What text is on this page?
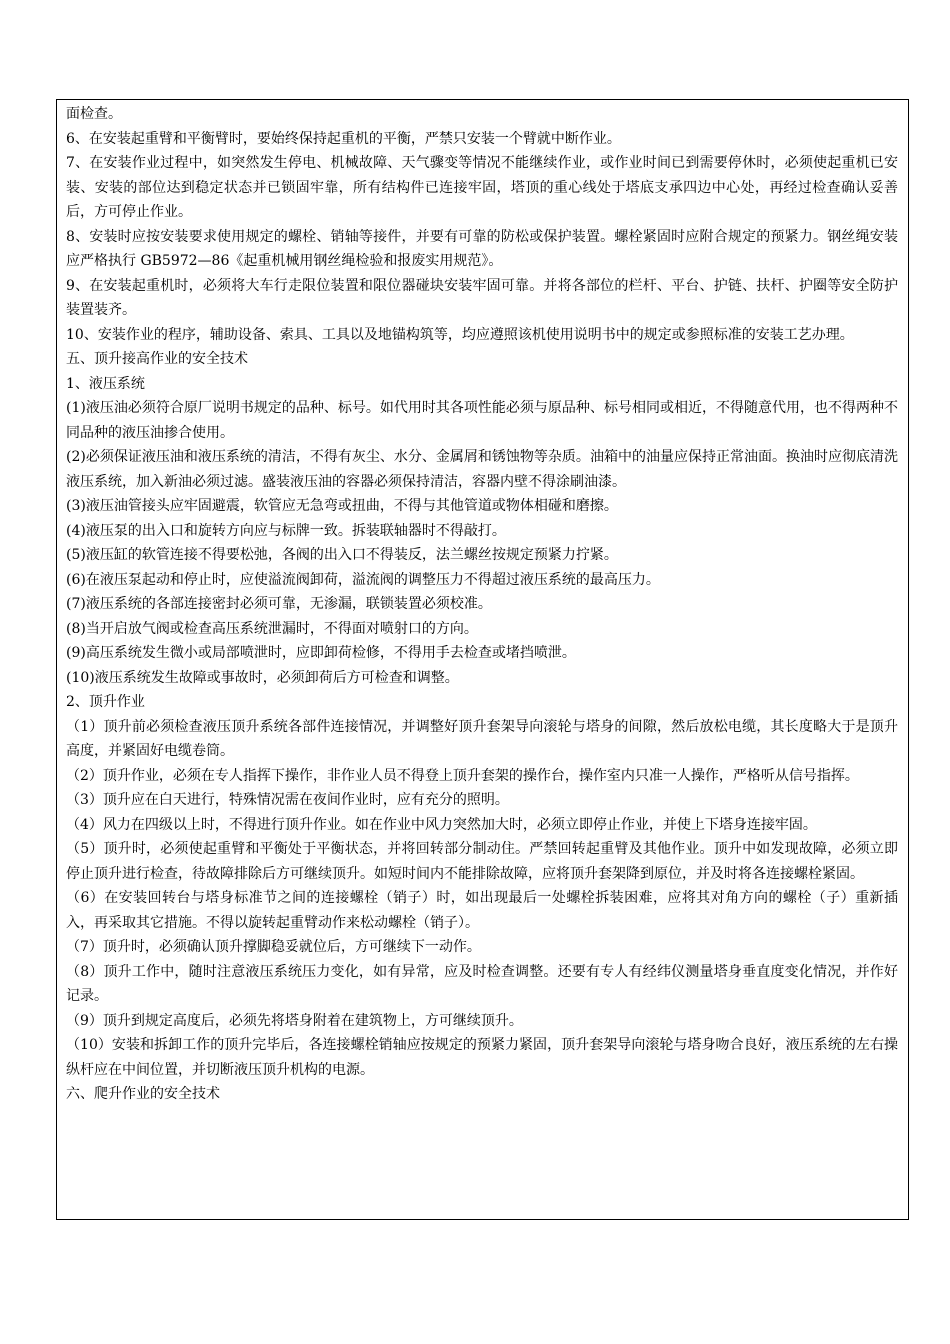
面检查。

6、在安装起重臂和平衡臂时，要始终保持起重机的平衡，严禁只安装一个臂就中断作业。

7、在安装作业过程中，如突然发生停电、机械故障、天气骤变等情况不能继续作业，或作业时间已到需要停休时，必须使起重机已安装、安装的部位达到稳定状态并已锁固牢靠，所有结构件已连接牢固，塔顶的重心线处于塔底支承四边中心处，再经过检查确认妥善后，方可停止作业。

8、安装时应按安装要求使用规定的螺栓、销轴等接件，并要有可靠的防松或保护装置。螺栓紧固时应附合规定的预紧力。钢丝绳安装应严格执行 GB5972—86《起重机械用钢丝绳检验和报废实用规范》。

9、在安装起重机时，必须将大车行走限位装置和限位器碰块安装牢固可靠。并将各部位的栏杆、平台、护链、扶杆、护圈等安全防护装置装齐。

10、安装作业的程序，辅助设备、索具、工具以及地锚构筑等，均应遵照该机使用说明书中的规定或参照标准的安装工艺办理。

五、顶升接高作业的安全技术

1、液压系统

(1)液压油必须符合原厂说明书规定的品种、标号。如代用时其各项性能必须与原品种、标号相同或相近，不得随意代用，也不得两种不同品种的液压油掺合使用。

(2)必须保证液压油和液压系统的清洁，不得有灰尘、水分、金属屑和锈蚀物等杂质。油箱中的油量应保持正常油面。换油时应彻底清洗液压系统，加入新油必须过滤。盛装液压油的容器必须保持清洁，容器内壁不得涂刷油漆。

(3)液压油管接头应牢固避震，软管应无急弯或扭曲，不得与其他管道或物体相碰和磨擦。

(4)液压泵的出入口和旋转方向应与标牌一致。拆装联轴器时不得敲打。

(5)液压缸的软管连接不得要松弛，各阀的出入口不得装反，法兰螺丝按规定预紧力拧紧。

(6)在液压泵起动和停止时，应使溢流阀卸荷，溢流阀的调整压力不得超过液压系统的最高压力。

(7)液压系统的各部连接密封必须可靠，无渗漏，联锁装置必须校准。

(8)当开启放气阀或检查高压系统泄漏时，不得面对喷射口的方向。

(9)高压系统发生微小或局部喷泄时，应即卸荷检修，不得用手去检查或堵挡喷泄。

(10)液压系统发生故障或事故时，必须卸荷后方可检查和调整。

2、顶升作业

（1）顶升前必须检查液压顶升系统各部件连接情况，并调整好顶升套架导向滚轮与塔身的间隙，然后放松电缆，其长度略大于是顶升高度，并紧固好电缆卷筒。

（2）顶升作业，必须在专人指挥下操作，非作业人员不得登上顶升套架的操作台，操作室内只准一人操作，严格听从信号指挥。

（3）顶升应在白天进行，特殊情况需在夜间作业时，应有充分的照明。

（4）风力在四级以上时，不得进行顶升作业。如在作业中风力突然加大时，必须立即停止作业，并使上下塔身连接牢固。

（5）顶升时，必须使起重臂和平衡处于平衡状态，并将回转部分制动住。严禁回转起重臂及其他作业。顶升中如发现故障，必须立即停止顶升进行检查，待故障排除后方可继续顶升。如短时间内不能排除故障，应将顶升套架降到原位，并及时将各连接螺栓紧固。

（6）在安装回转台与塔身标准节之间的连接螺栓（销子）时，如出现最后一处螺栓拆装困难，应将其对角方向的螺栓（子）重新插入，再采取其它措施。不得以旋转起重臂动作来松动螺栓（销子）。

（7）顶升时，必须确认顶升撑脚稳妥就位后，方可继续下一动作。

（8）顶升工作中，随时注意液压系统压力变化，如有异常，应及时检查调整。还要有专人有经纬仪测量塔身垂直度变化情况，并作好记录。

（9）顶升到规定高度后，必须先将塔身附着在建筑物上，方可继续顶升。

（10）安装和拆卸工作的顶升完毕后，各连接螺栓销轴应按规定的预紧力紧固，顶升套架导向滚轮与塔身吻合良好，液压系统的左右操纵杆应在中间位置，并切断液压顶升机构的电源。

六、爬升作业的安全技术
